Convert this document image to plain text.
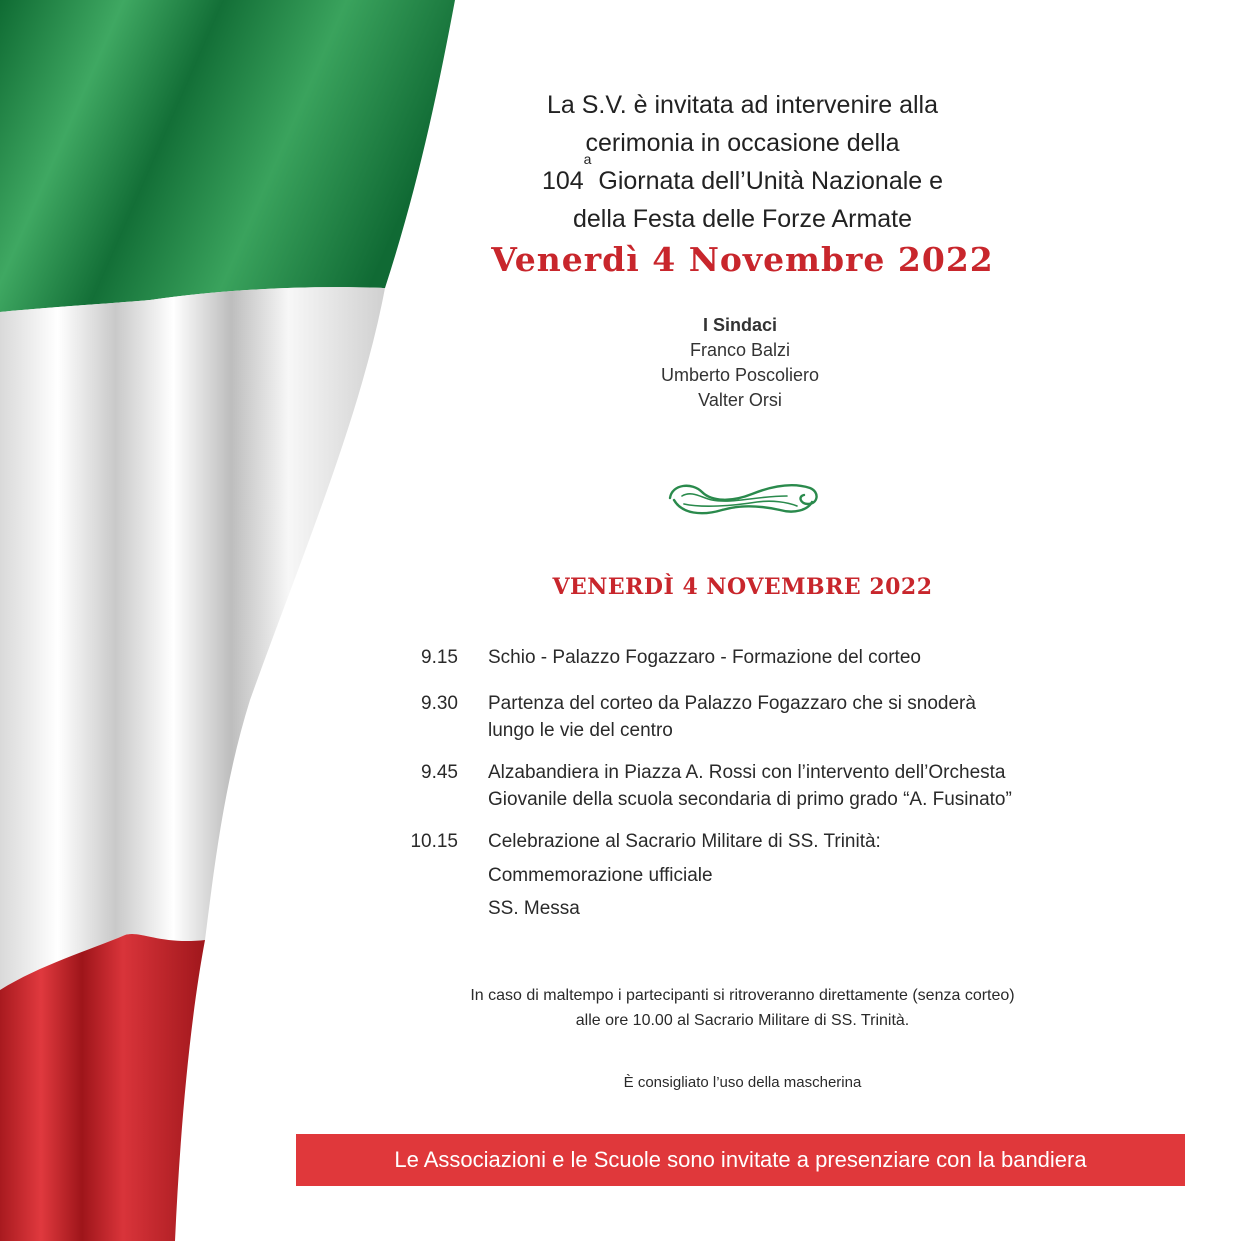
La S.V. è invitata ad intervenire alla
cerimonia in occasione della
104$^a$ Giornata dell’Unità Nazionale e
della Festa delle Forze Armate
Venerdì 4 Novembre 2022
I Sindaci
Franco Balzi
Umberto Poscoliero
Valter Orsi
VENERDÌ 4 NOVEMBRE 2022
9.15 Schio - Palazzo Fogazzaro - Formazione del corteo
9.30 Partenza del corteo da Palazzo Fogazzaro che si snoderà
lungo le vie del centro
9.45 Alzabandiera in Piazza A. Rossi con l’intervento dell’Orchesta
Giovanile della scuola secondaria di primo grado “A. Fusinato”
10.15 Celebrazione al Sacrario Militare di SS. Trinità:
Commemorazione ufficiale
SS. Messa
In caso di maltempo i partecipanti si ritroveranno direttamente (senza corteo)
alle ore 10.00 al Sacrario Militare di SS. Trinità.
È consigliato l’uso della mascherina
Le Associazioni e le Scuole sono invitate a presenziare con la bandiera
